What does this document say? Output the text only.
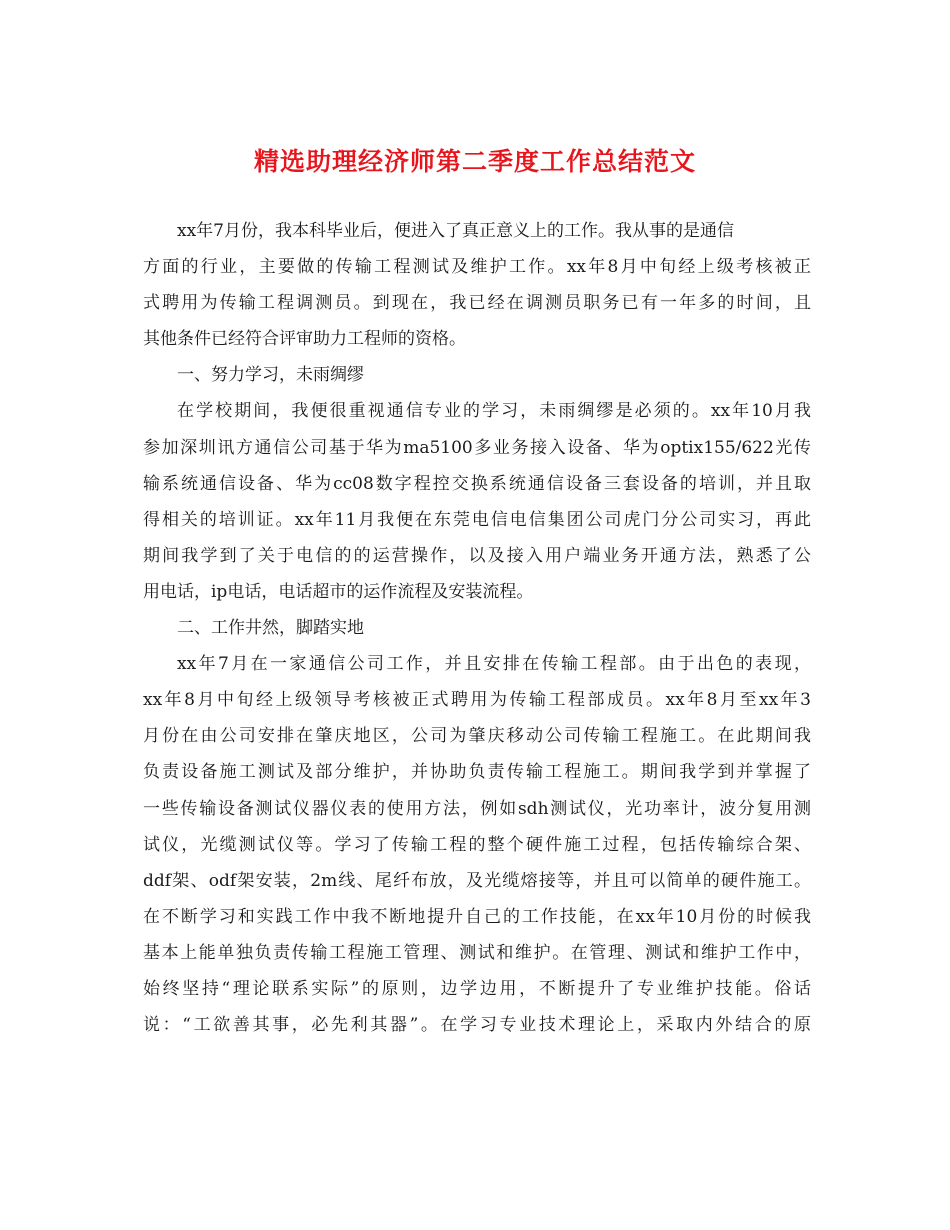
精选助理经济师第二季度工作总结范文
xx年7月份，我本科毕业后，便进入了真正意义上的工作。我从事的是通信
方面的行业，主要做的传输工程测试及维护工作。xx年8月中旬经上级考核被正
式聘用为传输工程调测员。到现在，我已经在调测员职务已有一年多的时间，且
其他条件已经符合评审助力工程师的资格。
一、努力学习，未雨绸缪
在学校期间，我便很重视通信专业的学习，未雨绸缪是必须的。xx年10月我
参加深圳讯方通信公司基于华为ma5100多业务接入设备、华为optix155/622光传
输系统通信设备、华为cc08数字程控交换系统通信设备三套设备的培训，并且取
得相关的培训证。xx年11月我便在东莞电信电信集团公司虎门分公司实习，再此
期间我学到了关于电信的的运营操作，以及接入用户端业务开通方法，熟悉了公
用电话，ip电话，电话超市的运作流程及安装流程。
二、工作井然，脚踏实地
xx年7月在一家通信公司工作，并且安排在传输工程部。由于出色的表现，
xx年8月中旬经上级领导考核被正式聘用为传输工程部成员。xx年8月至xx年3
月份在由公司安排在肇庆地区，公司为肇庆移动公司传输工程施工。在此期间我
负责设备施工测试及部分维护，并协助负责传输工程施工。期间我学到并掌握了
一些传输设备测试仪器仪表的使用方法，例如sdh测试仪，光功率计，波分复用测
试仪，光缆测试仪等。学习了传输工程的整个硬件施工过程，包括传输综合架、
ddf架、odf架安装，2m线、尾纤布放，及光缆熔接等，并且可以简单的硬件施工。
在不断学习和实践工作中我不断地提升自己的工作技能，在xx年10月份的时候我
基本上能单独负责传输工程施工管理、测试和维护。在管理、测试和维护工作中，
始终坚持“理论联系实际”的原则，边学边用，不断提升了专业维护技能。俗话
说：“工欲善其事，必先利其器”。在学习专业技术理论上，采取内外结合的原
